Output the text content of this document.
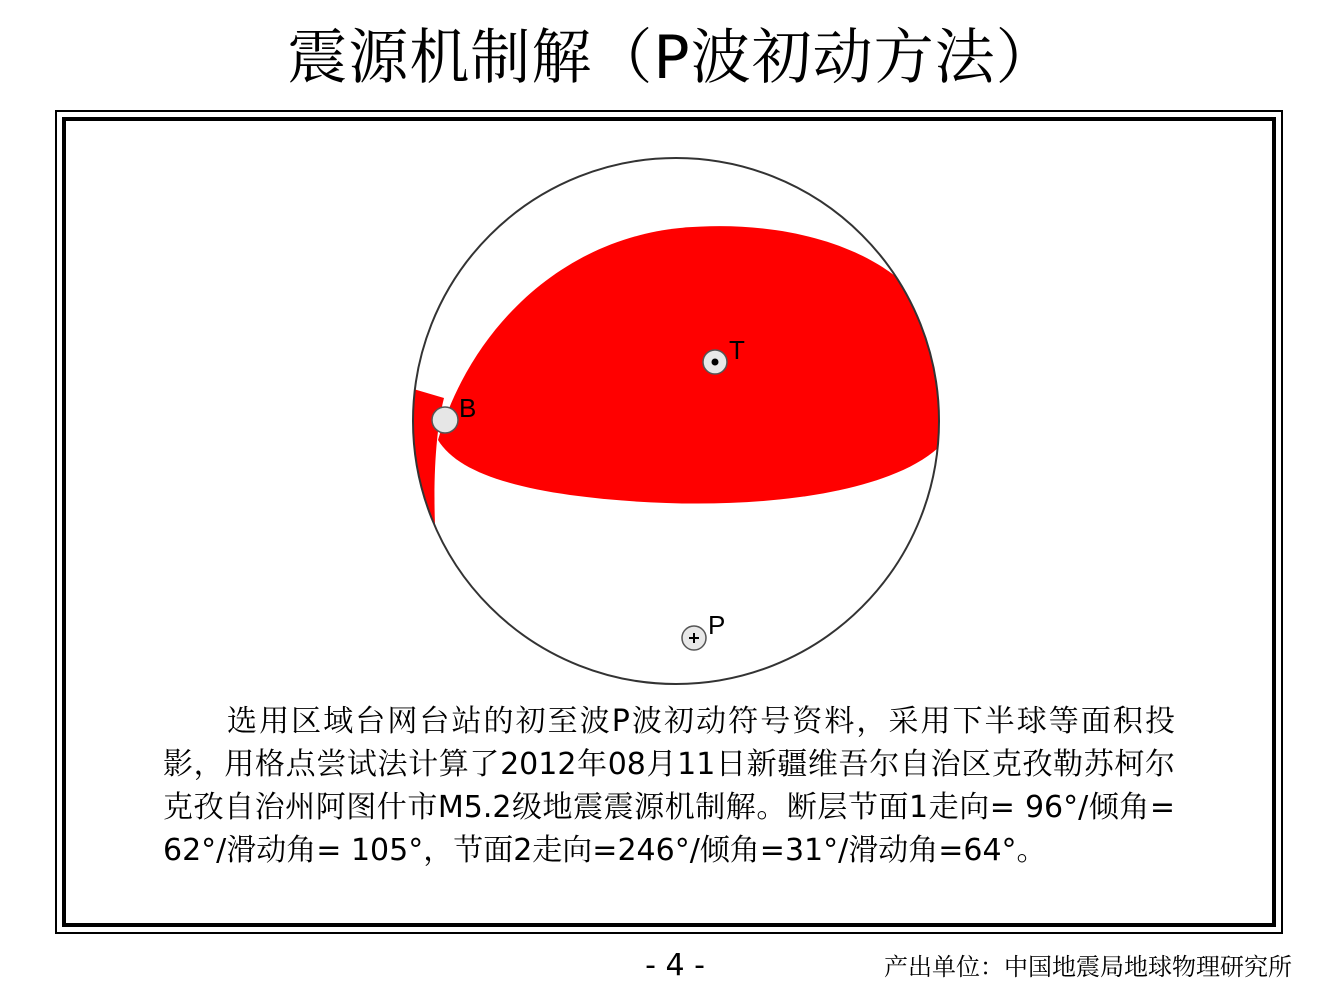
震源机制解（P波初动方法）
T
B
P

选用区域台网台站的初至波P波初动符号资料，采用下半球等面积投影，用格点尝试法计算了2012年08月11日新疆维吾尔自治区克孜勒苏柯尔克孜自治州阿图什市M5.2级地震震源机制解。断层节面1走向= 96°/倾角= 62°/滑动角= 105°，节面2走向=246°/倾角=31°/滑动角=64°。

- 4 -	产出单位：中国地震局地球物理研究所
